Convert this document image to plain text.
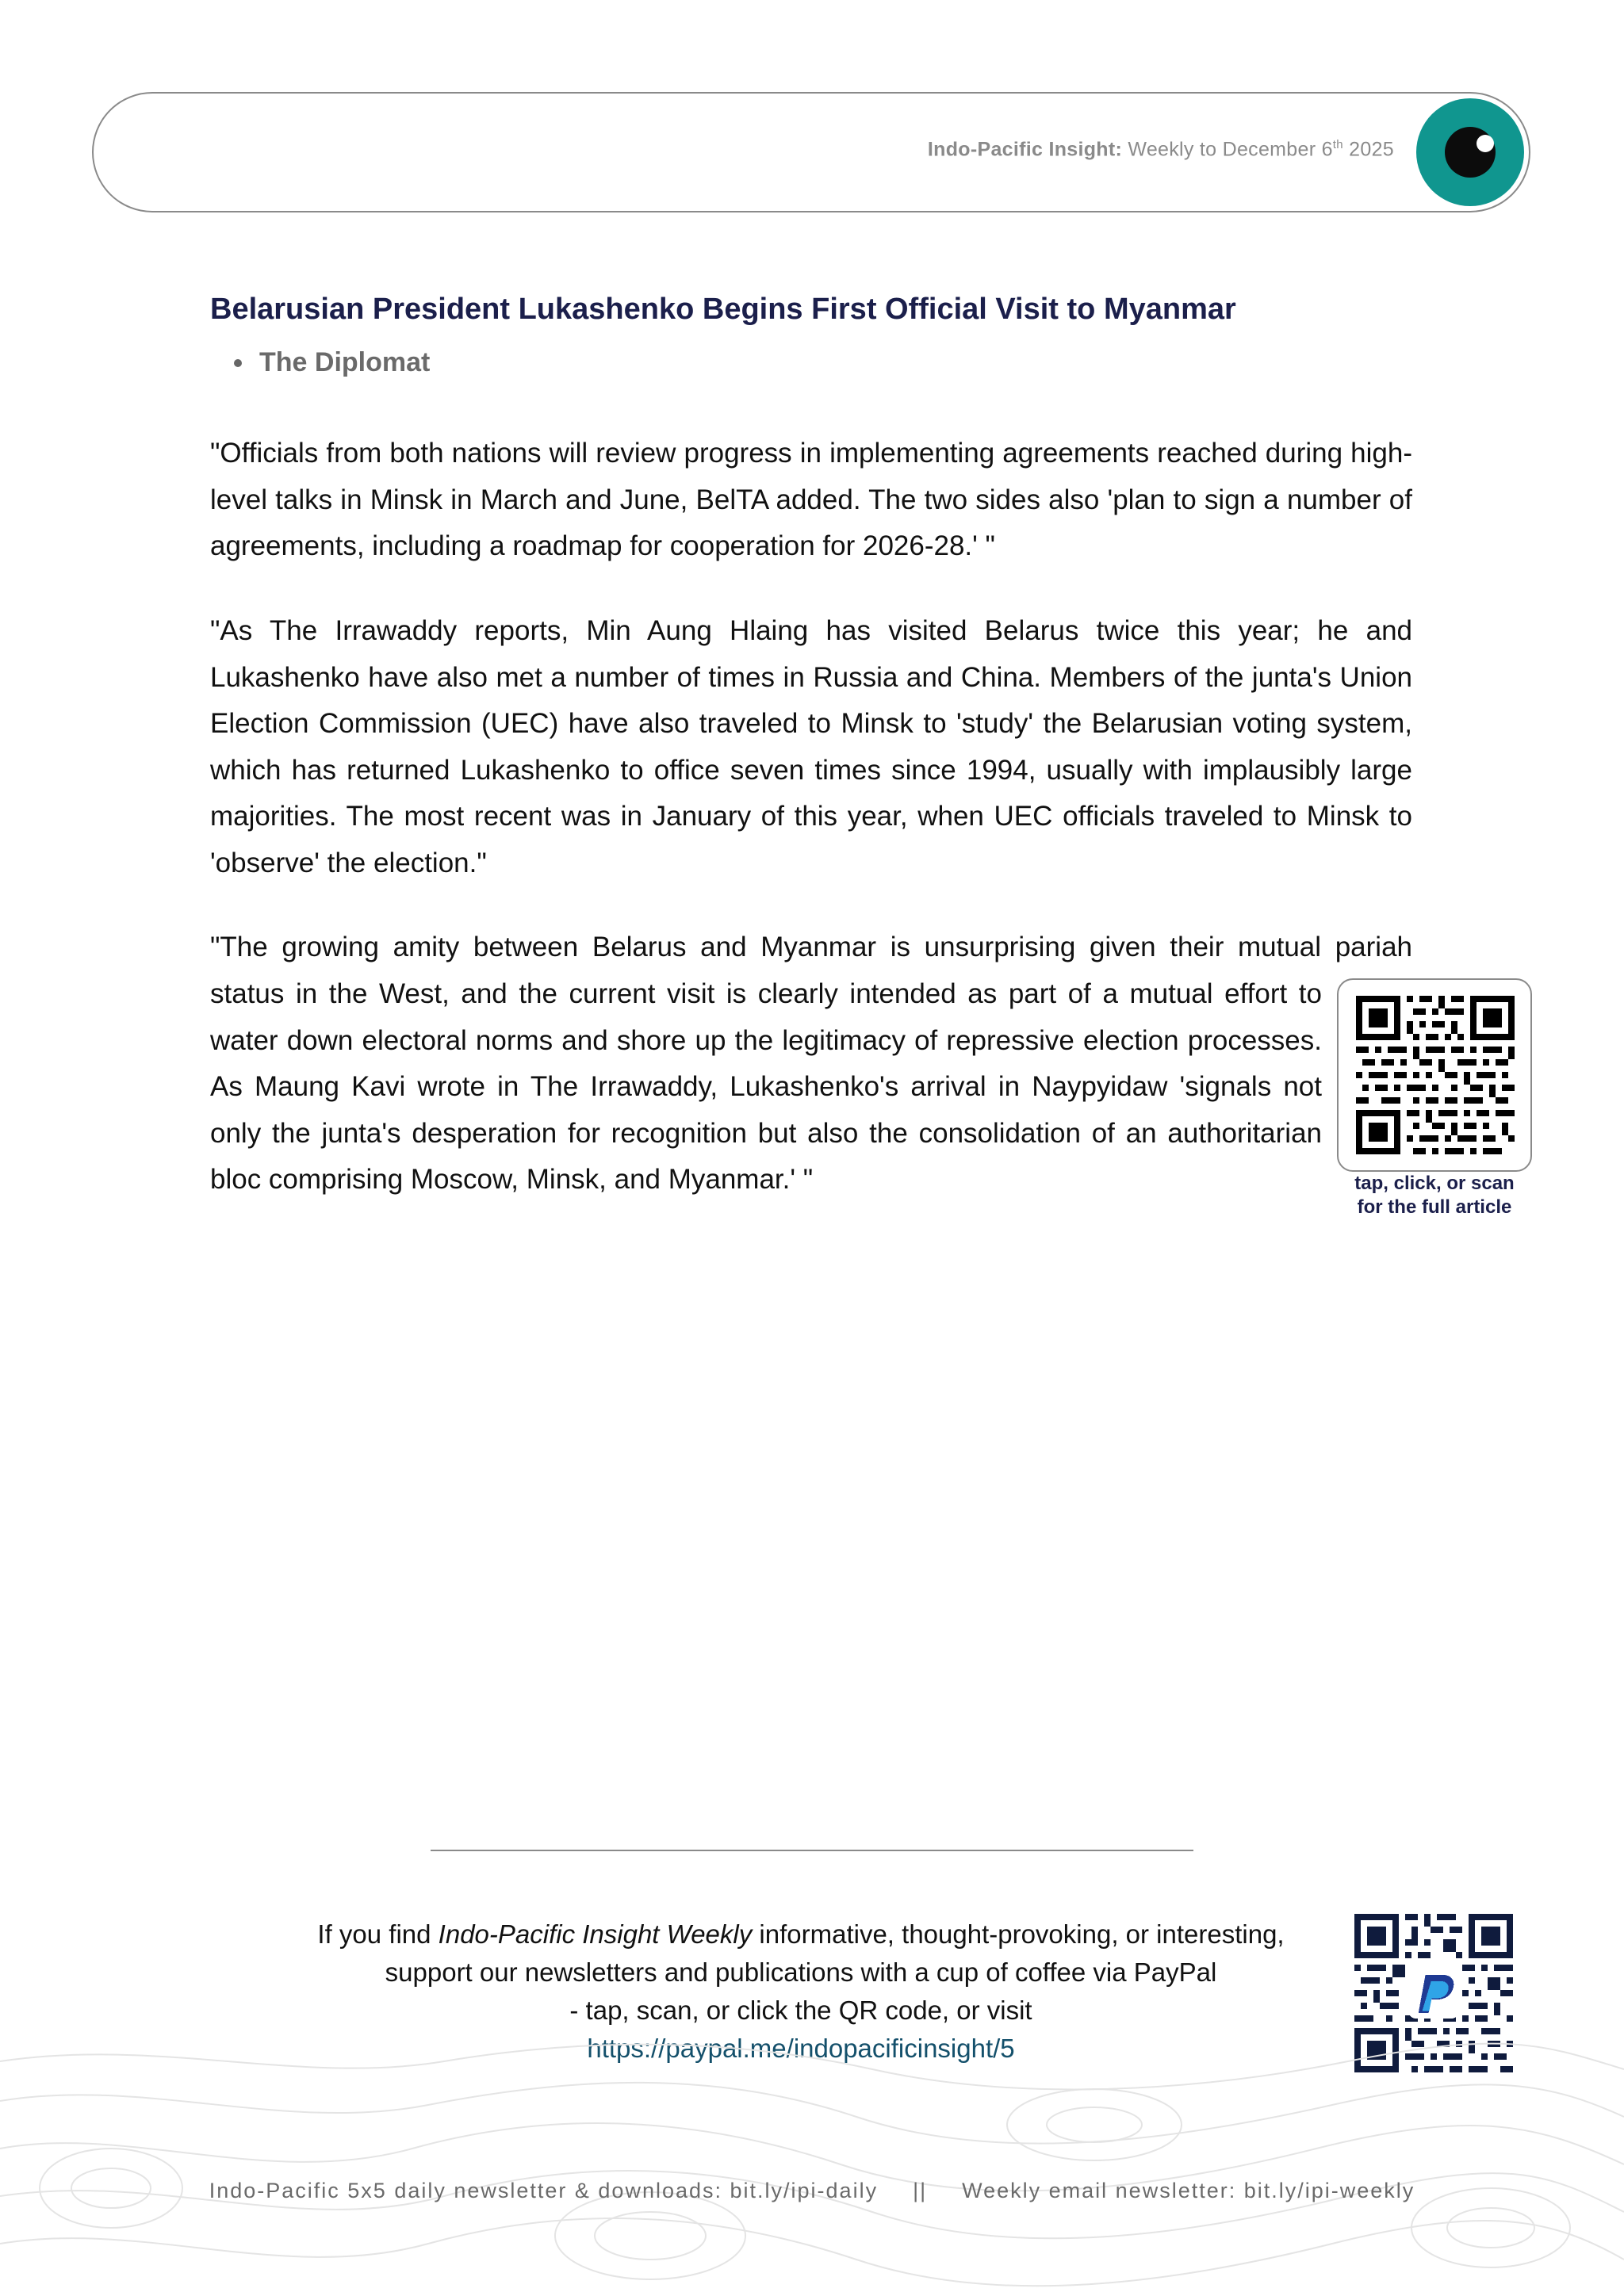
Indo-Pacific Insight: Weekly to December 6th 2025
Belarusian President Lukashenko Begins First Official Visit to Myanmar
The Diplomat

"Officials from both nations will review progress in implementing agreements reached during high-level talks in Minsk in March and June, BelTA added. The two sides also 'plan to sign a number of agreements, including a roadmap for cooperation for 2026-28.' "

"As The Irrawaddy reports, Min Aung Hlaing has visited Belarus twice this year; he and Lukashenko have also met a number of times in Russia and China. Members of the junta's Union Election Commission (UEC) have also traveled to Minsk to 'study' the Belarusian voting system, which has returned Lukashenko to office seven times since 1994, usually with implausibly large majorities. The most recent was in January of this year, when UEC officials traveled to Minsk to 'observe' the election."

"The growing amity between Belarus and Myanmar is unsurprising given their mutual pariah

status in the West, and the current visit is clearly intended as part of a mutual effort to water down electoral norms and shore up the legitimacy of repressive election processes. As Maung Kavi wrote in The Irrawaddy, Lukashenko's arrival in Naypyidaw 'signals not only the junta's desperation for recognition but also the consolidation of an authoritarian bloc comprising Moscow, Minsk, and Myanmar.' "	tap, click, or scan
for the full article
If you find Indo-Pacific Insight Weekly informative, thought-provoking, or interesting,
support our newsletters and publications with a cup of coffee via PayPal
- tap, scan, or click the QR code, or visit
https://paypal.me/indopacificinsight/5
Indo-Pacific 5x5 daily newsletter & downloads: bit.ly/ipi-daily || Weekly email newsletter: bit.ly/ipi-weekly
